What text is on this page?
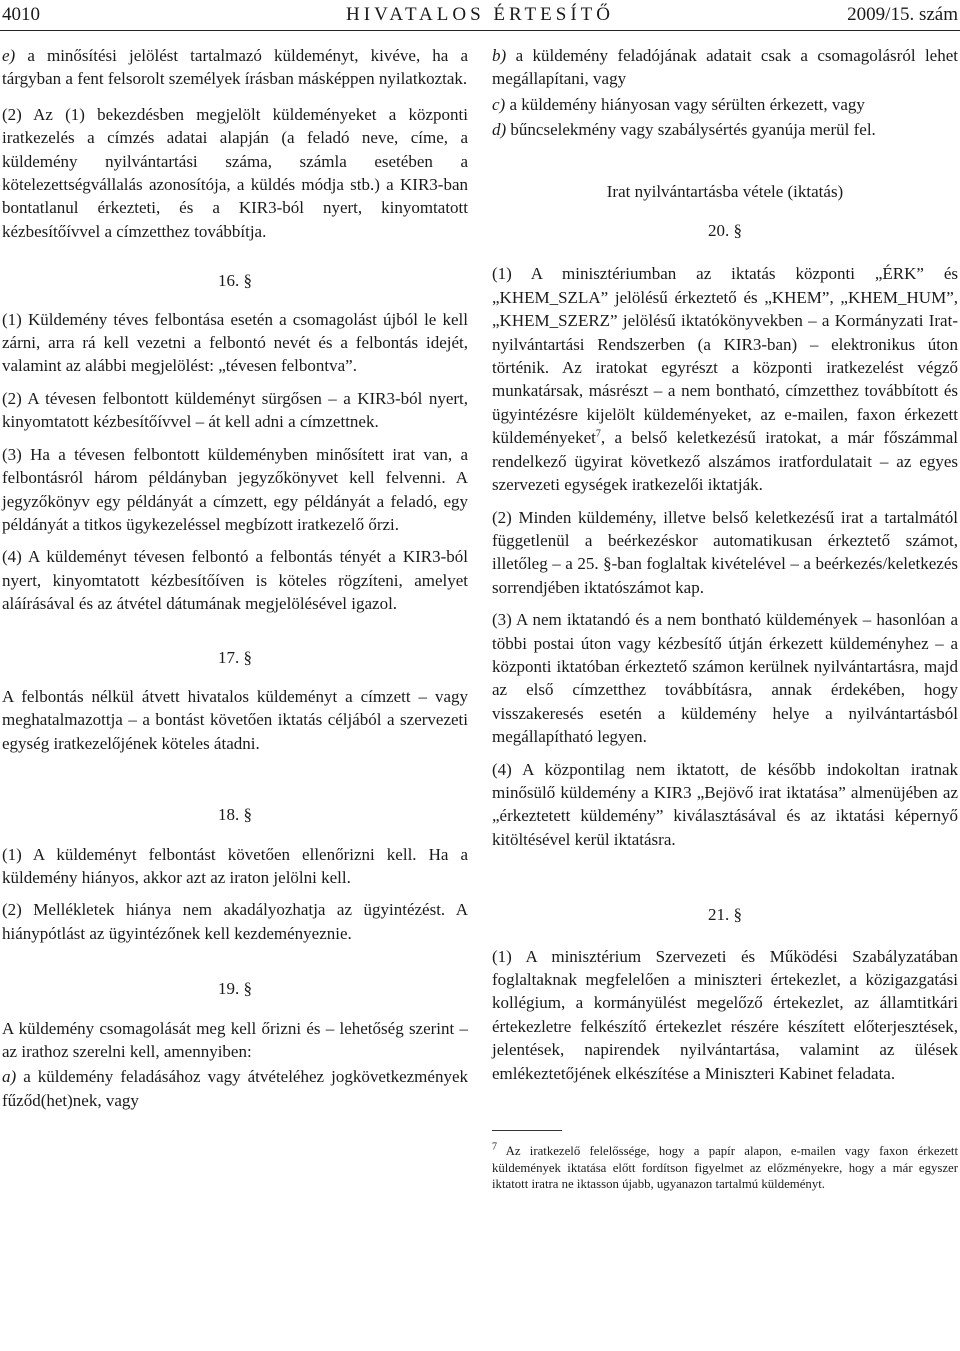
4010	HIVATALOS ÉRTESÍTŐ	2009/15. szám

e) a minősítési jelölést tartalmazó küldeményt, kivéve, ha a tárgyban a fent felsorolt személyek írásban másképpen nyilatkoztak.

(2) Az (1) bekezdésben megjelölt küldeményeket a központi iratkezelés a címzés adatai alapján (a feladó neve, címe, a küldemény nyilvántartási száma, számla esetében a kötelezettségvállalás azonosítója, a küldés módja stb.) a KIR3-ban bontatlanul érkezteti, és a KIR3-ból nyert, kinyomtatott kézbesítőívvel a címzetthez továbbítja.

16. §

(1) Küldemény téves felbontása esetén a csomagolást újból le kell zárni, arra rá kell vezetni a felbontó nevét és a felbontás idejét, valamint az alábbi megjelölést: „tévesen felbontva”.

(2) A tévesen felbontott küldeményt sürgősen – a KIR3-ból nyert, kinyomtatott kézbesítőívvel – át kell adni a címzettnek.

(3) Ha a tévesen felbontott küldeményben minősített irat van, a felbontásról három példányban jegyzőkönyvet kell felvenni. A jegyzőkönyv egy példányát a címzett, egy példányát a feladó, egy példányát a titkos ügykezeléssel megbízott iratkezelő őrzi.

(4) A küldeményt tévesen felbontó a felbontás tényét a KIR3-ból nyert, kinyomtatott kézbesítőíven is köteles rögzíteni, amelyet aláírásával és az átvétel dátumának megjelölésével igazol.

17. §

A felbontás nélkül átvett hivatalos küldeményt a címzett – vagy meghatalmazottja – a bontást követően iktatás céljából a szervezeti egység iratkezelőjének köteles átadni.

18. §

(1) A küldeményt felbontást követően ellenőrizni kell. Ha a küldemény hiányos, akkor azt az iraton jelölni kell.

(2) Mellékletek hiánya nem akadályozhatja az ügyintézést. A hiánypótlást az ügyintézőnek kell kezdeményeznie.

19. §

A küldemény csomagolását meg kell őrizni és – lehetőség szerint – az irathoz szerelni kell, amennyiben:

a) a küldemény feladásához vagy átvételéhez jogkövetkezmények fűződ(het)nek, vagy

b) a küldemény feladójának adatait csak a csomagolásról lehet megállapítani, vagy

c) a küldemény hiányosan vagy sérülten érkezett, vagy

d) bűncselekmény vagy szabálysértés gyanúja merül fel.

Irat nyilvántartásba vétele (iktatás)
20. §

(1) A minisztériumban az iktatás központi „ÉRK” és „KHEM_SZLA” jelölésű érkeztető és „KHEM”, „KHEM_HUM”, „KHEM_SZERZ” jelölésű iktatókönyvekben – a Kormányzati Irat-nyilvántartási Rendszerben (a KIR3-ban) – elektronikus úton történik. Az iratokat egyrészt a központi iratkezelést végző munkatársak, másrészt – a nem bontható, címzetthez továbbított és ügyintézésre kijelölt küldeményeket, az e-mailen, faxon érkezett küldeményeket$^7$, a belső keletkezésű iratokat, a már főszámmal rendelkező ügyirat következő alszámos iratfordulatait – az egyes szervezeti egységek iratkezelői iktatják.

(2) Minden küldemény, illetve belső keletkezésű irat a tartalmától függetlenül a beérkezéskor automatikusan érkeztető számot, illetőleg – a 25. §-ban foglaltak kivételével – a beérkezés/keletkezés sorrendjében iktatószámot kap.

(3) A nem iktatandó és a nem bontható küldemények – hasonlóan a többi postai úton vagy kézbesítő útján érkezett küldeményhez – a központi iktatóban érkeztető számon kerülnek nyilvántartásra, majd az első címzetthez továbbításra, annak érdekében, hogy visszakeresés esetén a küldemény helye a nyilvántartásból megállapítható legyen.

(4) A központilag nem iktatott, de később indokoltan iratnak minősülő küldemény a KIR3 „Bejövő irat iktatása” almenüjében az „érkeztetett küldemény” kiválasztásával és az iktatási képernyő kitöltésével kerül iktatásra.

21. §

(1) A minisztérium Szervezeti és Működési Szabályzatában foglaltaknak megfelelően a miniszteri értekezlet, a közigazgatási kollégium, a kormányülést megelőző értekezlet, az államtitkári értekezletre felkészítő értekezlet részére készített előterjesztések, jelentések, napirendek nyilvántartása, valamint az ülések emlékeztetőjének elkészítése a Miniszteri Kabinet feladata.

$^7$ Az iratkezelő felelőssége, hogy a papír alapon, e-mailen vagy faxon érkezett küldemények iktatása előtt fordítson figyelmet az előzményekre, hogy a már egyszer iktatott iratra ne iktasson újabb, ugyanazon tartalmú küldeményt.
